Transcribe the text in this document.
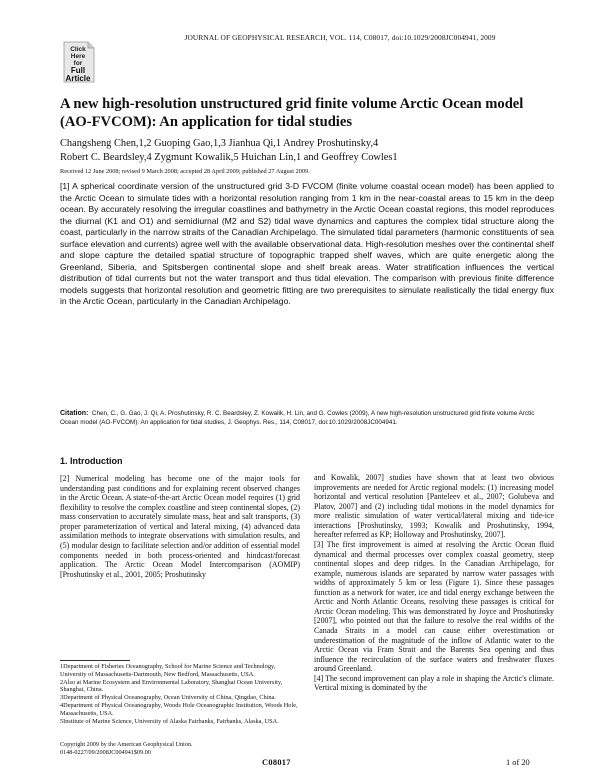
Click
Here
for
Full
Article
JOURNAL OF GEOPHYSICAL RESEARCH, VOL. 114, C08017, doi:10.1029/2008JC004941, 2009
A new high-resolution unstructured grid finite volume Arctic Ocean model (AO-FVCOM): An application for tidal studies
Changsheng Chen,1,2 Guoping Gao,1,3 Jianhua Qi,1 Andrey Proshutinsky,4
Robert C. Beardsley,4 Zygmunt Kowalik,5 Huichan Lin,1 and Geoffrey Cowles1
Received 12 June 2008; revised 9 March 2008; accepted 28 April 2009; published 27 August 2009.
[1] A spherical coordinate version of the unstructured grid 3-D FVCOM (finite volume coastal ocean model) has been applied to the Arctic Ocean to simulate tides with a horizontal resolution ranging from 1 km in the near-coastal areas to 15 km in the deep ocean. By accurately resolving the irregular coastlines and bathymetry in the Arctic Ocean coastal regions, this model reproduces the diurnal (K1 and O1) and semidiurnal (M2 and S2) tidal wave dynamics and captures the complex tidal structure along the coast, particularly in the narrow straits of the Canadian Archipelago. The simulated tidal parameters (harmonic constituents of sea surface elevation and currents) agree well with the available observational data. High-resolution meshes over the continental shelf and slope capture the detailed spatial structure of topographic trapped shelf waves, which are quite energetic along the Greenland, Siberia, and Spitsbergen continental slope and shelf break areas. Water stratification influences the vertical distribution of tidal currents but not the water transport and thus tidal elevation. The comparison with previous finite difference models suggests that horizontal resolution and geometric fitting are two prerequisites to simulate realistically the tidal energy flux in the Arctic Ocean, particularly in the Canadian Archipelago.
Citation: Chen, C., G. Gao, J. Qi, A. Proshutinsky, R. C. Beardsley, Z. Kowalik, H. Lin, and G. Cowles (2009), A new high-resolution unstructured grid finite volume Arctic Ocean model (AO-FVCOM): An application for tidal studies, J. Geophys. Res., 114, C08017, doi:10.1029/2008JC004941.
1. Introduction
[2] Numerical modeling has become one of the major tools for understanding past conditions and for explaining recent observed changes in the Arctic Ocean. A state-of-the-art Arctic Ocean model requires (1) grid flexibility to resolve the complex coastline and steep continental slopes, (2) mass conservation to accurately simulate mass, heat and salt transports, (3) proper parameterization of vertical and lateral mixing, (4) advanced data assimilation methods to integrate observations with simulation results, and (5) modular design to facilitate selection and/or addition of essential model components needed in both process-oriented and hindcast/forecast application. The Arctic Ocean Model Intercomparison (AOMIP) [Proshutinsky et al., 2001, 2005; Proshutinsky
and Kowalik, 2007] studies have shown that at least two obvious improvements are needed for Arctic regional models: (1) increasing model horizontal and vertical resolution [Panteleev et al., 2007; Golubeva and Platov, 2007] and (2) including tidal motions in the model dynamics for more realistic simulation of water vertical/lateral mixing and tide-ice interactions [Proshutinsky, 1993; Kowalik and Proshutinsky, 1994, hereafter referred as KP; Holloway and Proshutinsky, 2007].
[3] The first improvement is aimed at resolving the Arctic Ocean fluid dynamical and thermal processes over complex coastal geometry, steep continental slopes and deep ridges. In the Canadian Archipelago, for example, numerous islands are separated by narrow water passages with widths of approximately 5 km or less (Figure 1). Since these passages function as a network for water, ice and tidal energy exchange between the Arctic and North Atlantic Oceans, resolving these passages is critical for Arctic Ocean modeling. This was demonstrated by Joyce and Proshutinsky [2007], who pointed out that the failure to resolve the real widths of the Canada Straits in a model can cause either overestimation or underestimation of the magnitude of the inflow of Atlantic water to the Arctic Ocean via Fram Strait and the Barents Sea opening and thus influence the recirculation of the surface waters and freshwater fluxes around Greenland.
[4] The second improvement can play a role in shaping the Arctic's climate. Vertical mixing is dominated by the
1Department of Fisheries Oceanography, School for Marine Science and Technology, University of Massachusetts-Dartmouth, New Bedford, Massachusetts, USA.
2Also at Marine Ecosystem and Environmental Laboratory, Shanghai Ocean University, Shanghai, China.
3Department of Physical Oceanography, Ocean University of China, Qingdao, China.
4Department of Physical Oceanography, Woods Hole Oceanographic Institution, Woods Hole, Massachusetts, USA.
5Institute of Marine Science, University of Alaska Fairbanks, Fairbanks, Alaska, USA.
Copyright 2009 by the American Geophysical Union.
0148-0227/09/2008JC004941$09.00
C08017	1 of 20
